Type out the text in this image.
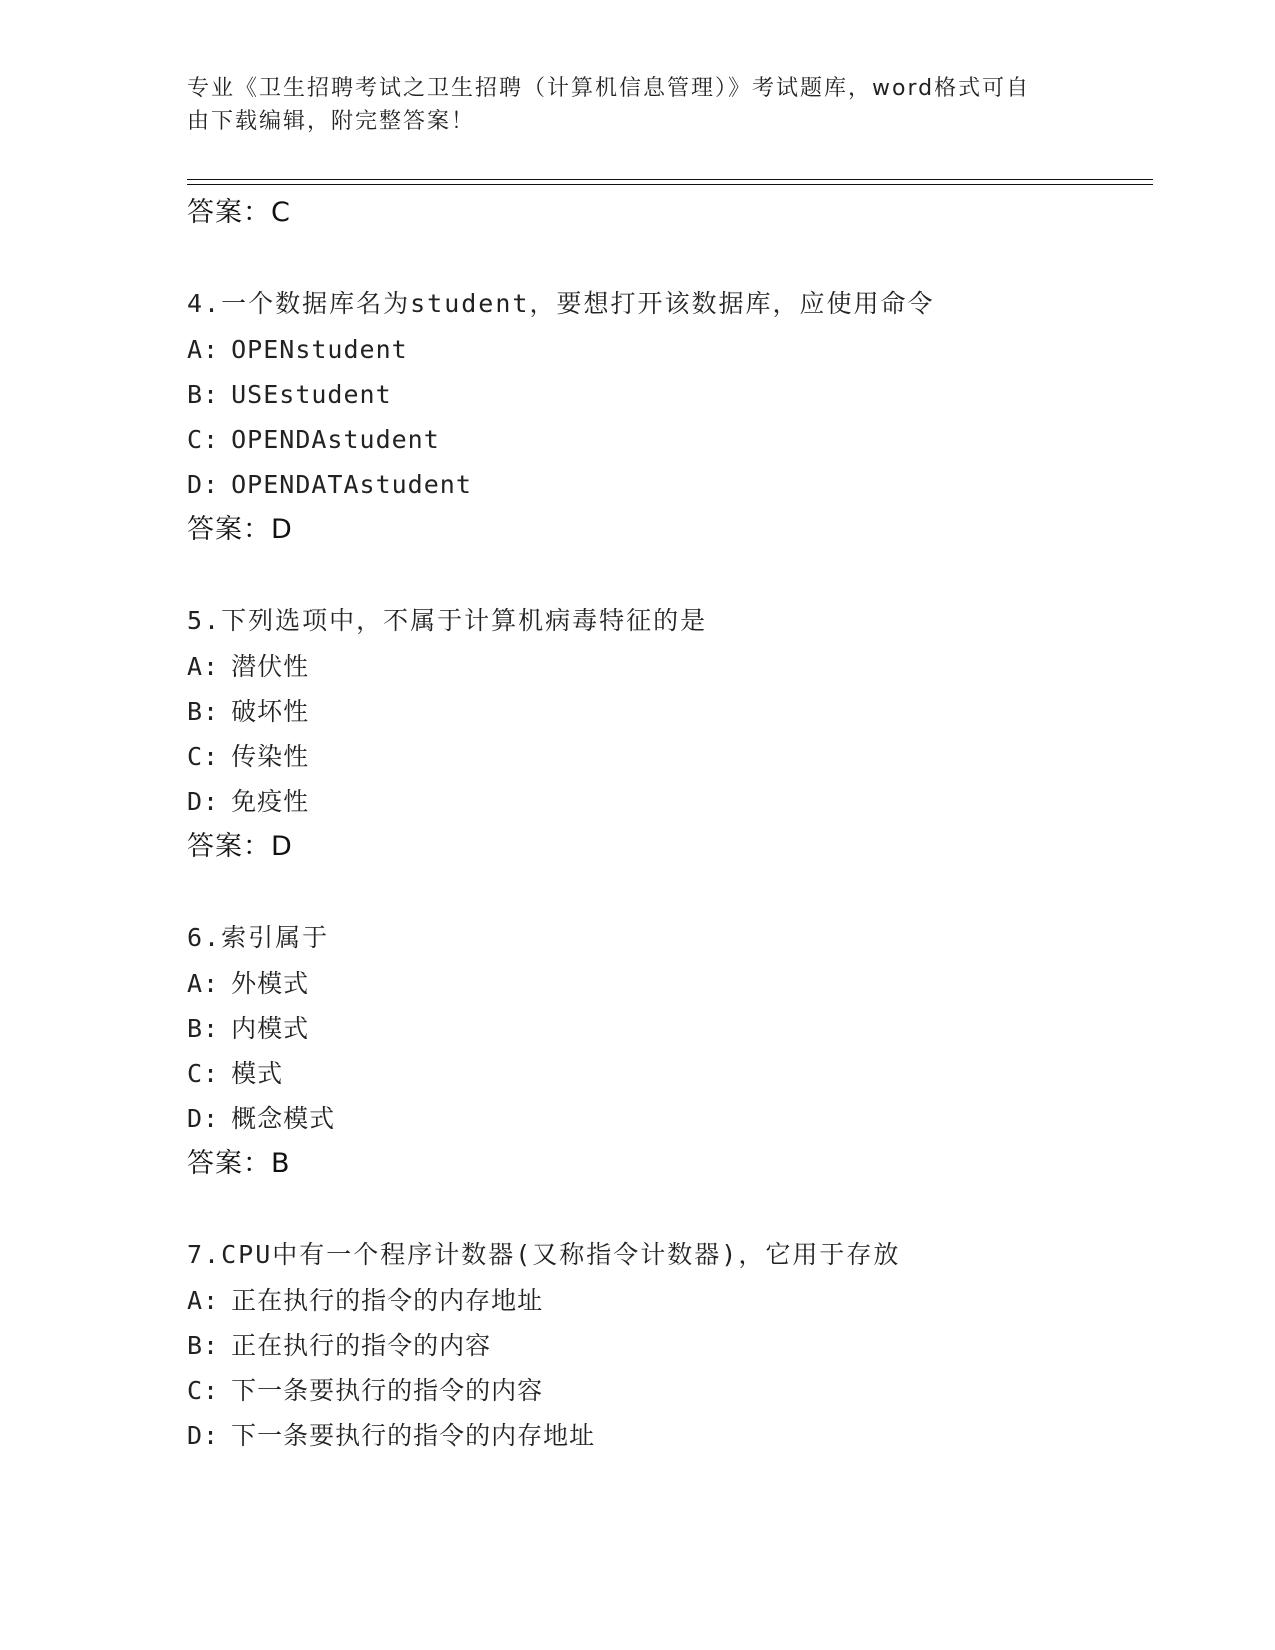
专业《卫生招聘考试之卫生招聘（计算机信息管理）》考试题库，word格式可自
由下载编辑，附完整答案！
答案：C
4.一个数据库名为student，要想打开该数据库，应使用命令
A: OPENstudent
B: USEstudent
C: OPENDAstudent
D: OPENDATAstudent
答案：D
5.下列选项中，不属于计算机病毒特征的是
A: 潜伏性
B: 破坏性
C: 传染性
D: 免疫性
答案：D
6.索引属于
A: 外模式
B: 内模式
C: 模式
D: 概念模式
答案：B
7.CPU中有一个程序计数器(又称指令计数器)，它用于存放
A: 正在执行的指令的内存地址
B: 正在执行的指令的内容
C: 下一条要执行的指令的内容
D: 下一条要执行的指令的内存地址
